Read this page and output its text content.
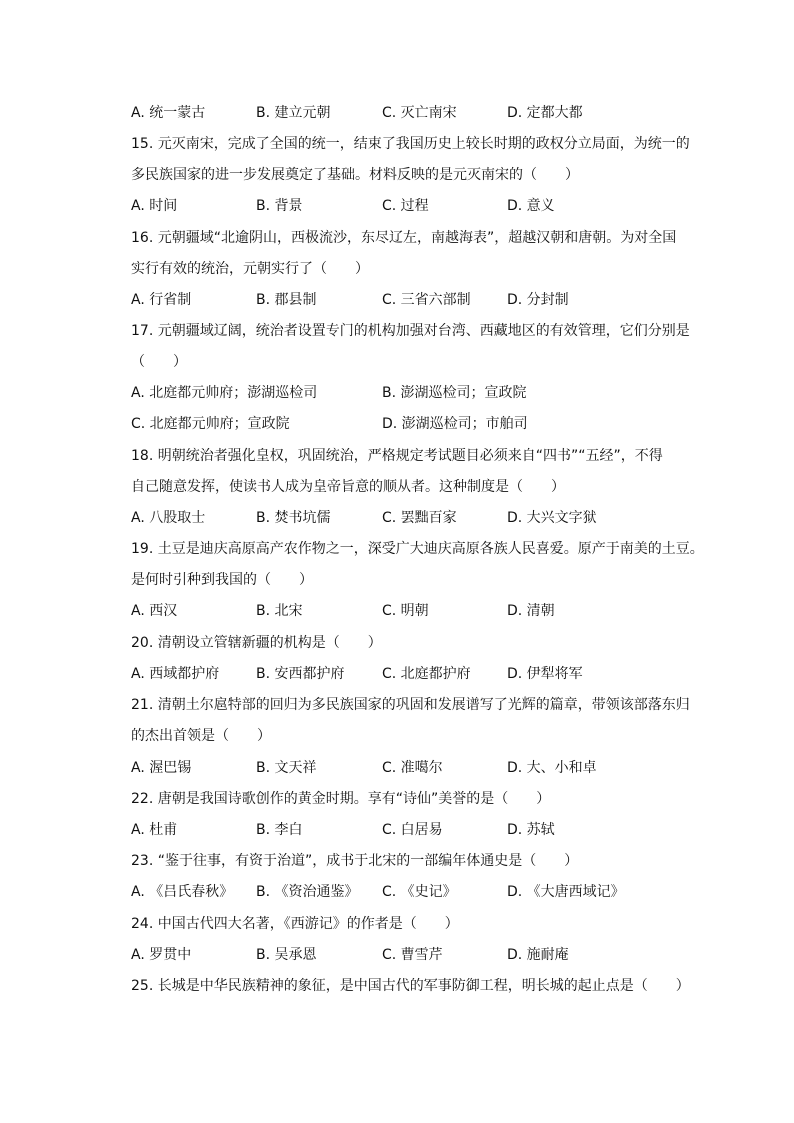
A. 统一蒙古	B. 建立元朝	C. 灭亡南宋	D. 定都大都
15. 元灭南宋，完成了全国的统一，结束了我国历史上较长时期的政权分立局面，为统一的
多民族国家的进一步发展奠定了基础。材料反映的是元灭南宋的（　　）
A. 时间	B. 背景	C. 过程	D. 意义
16. 元朝疆域“北逾阴山，西极流沙，东尽辽左，南越海表”，超越汉朝和唐朝。为对全国
实行有效的统治，元朝实行了（　　）
A. 行省制	B. 郡县制	C. 三省六部制	D. 分封制
17. 元朝疆域辽阔，统治者设置专门的机构加强对台湾、西藏地区的有效管理，它们分别是
（　　）
A. 北庭都元帅府；澎湖巡检司	B. 澎湖巡检司；宣政院
C. 北庭都元帅府；宣政院	D. 澎湖巡检司；市舶司
18. 明朝统治者强化皇权，巩固统治，严格规定考试题目必须来自“四书”“五经”，不得
自己随意发挥，使读书人成为皇帝旨意的顺从者。这种制度是（　　）
A. 八股取士	B. 焚书坑儒	C. 罢黜百家	D. 大兴文字狱
19. 土豆是迪庆高原高产农作物之一，深受广大迪庆高原各族人民喜爱。原产于南美的土豆。
是何时引种到我国的（　　）
A. 西汉	B. 北宋	C. 明朝	D. 清朝
20. 清朝设立管辖新疆的机构是（　　）
A. 西域都护府	B. 安西都护府	C. 北庭都护府	D. 伊犁将军
21. 清朝土尔扈特部的回归为多民族国家的巩固和发展谱写了光辉的篇章，带领该部落东归
的杰出首领是（　　）
A. 渥巴锡	B. 文天祥	C. 准噶尔	D. 大、小和卓
22. 唐朝是我国诗歌创作的黄金时期。享有“诗仙”美誉的是（　　）
A. 杜甫	B. 李白	C. 白居易	D. 苏轼
23. “鉴于往事，有资于治道”，成书于北宋的一部编年体通史是（　　）
A. 《吕氏春秋》 B. 《资治通鉴》 C. 《史记》	D. 《大唐西域记》
24. 中国古代四大名著，《西游记》的作者是（　　）
A. 罗贯中	B. 吴承恩	C. 曹雪芹	D. 施耐庵
25. 长城是中华民族精神的象征，是中国古代的军事防御工程，明长城的起止点是（　　）
